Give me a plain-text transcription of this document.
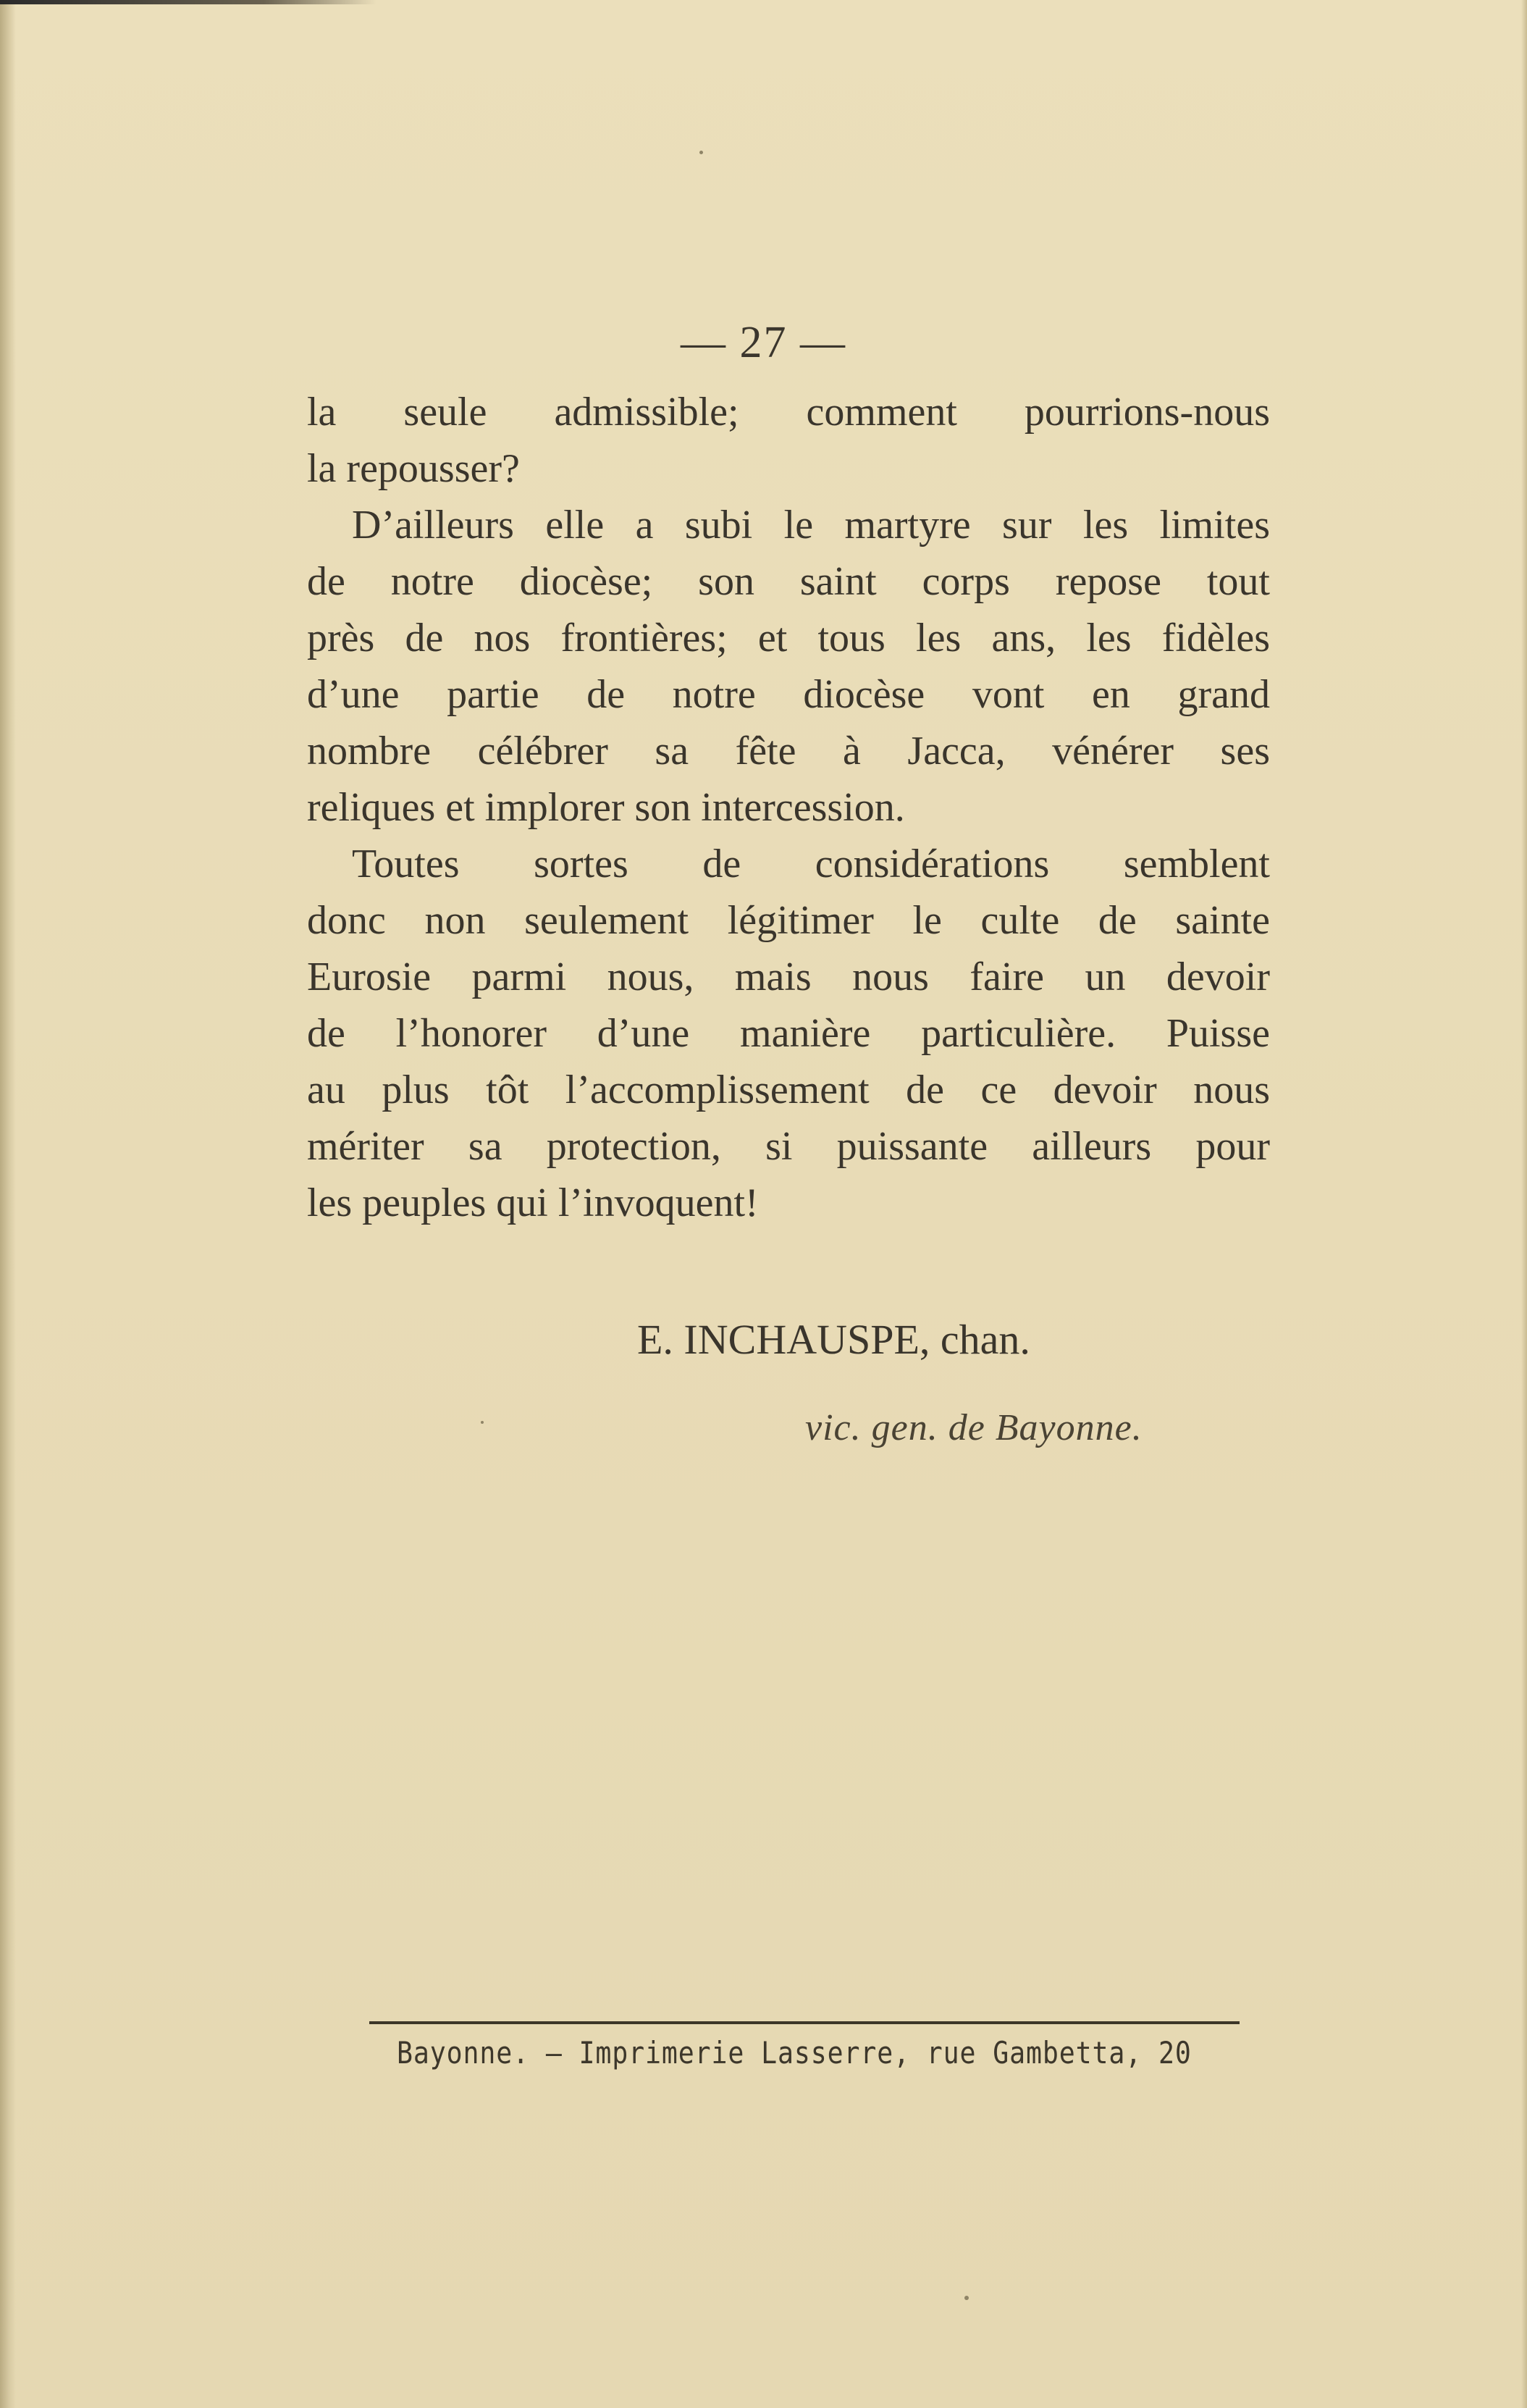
— 27 —
la seule admissible; comment pourrions-nous
la repousser?
D’ailleurs elle a subi le martyre sur les limites
de notre diocèse; son saint corps repose tout
près de nos frontières; et tous les ans, les fidèles
d’une partie de notre diocèse vont en grand
nombre célébrer sa fête à Jacca, vénérer ses
reliques et implorer son intercession.
Toutes sortes de considérations semblent
donc non seulement légitimer le culte de sainte
Eurosie parmi nous, mais nous faire un devoir
de l’honorer d’une manière particulière. Puisse
au plus tôt l’accomplissement de ce devoir nous
mériter sa protection, si puissante ailleurs pour
les peuples qui l’invoquent!
E. INCHAUSPE, chan.
vic. gen. de Bayonne.
Bayonne. — Imprimerie Lasserre, rue Gambetta, 20
